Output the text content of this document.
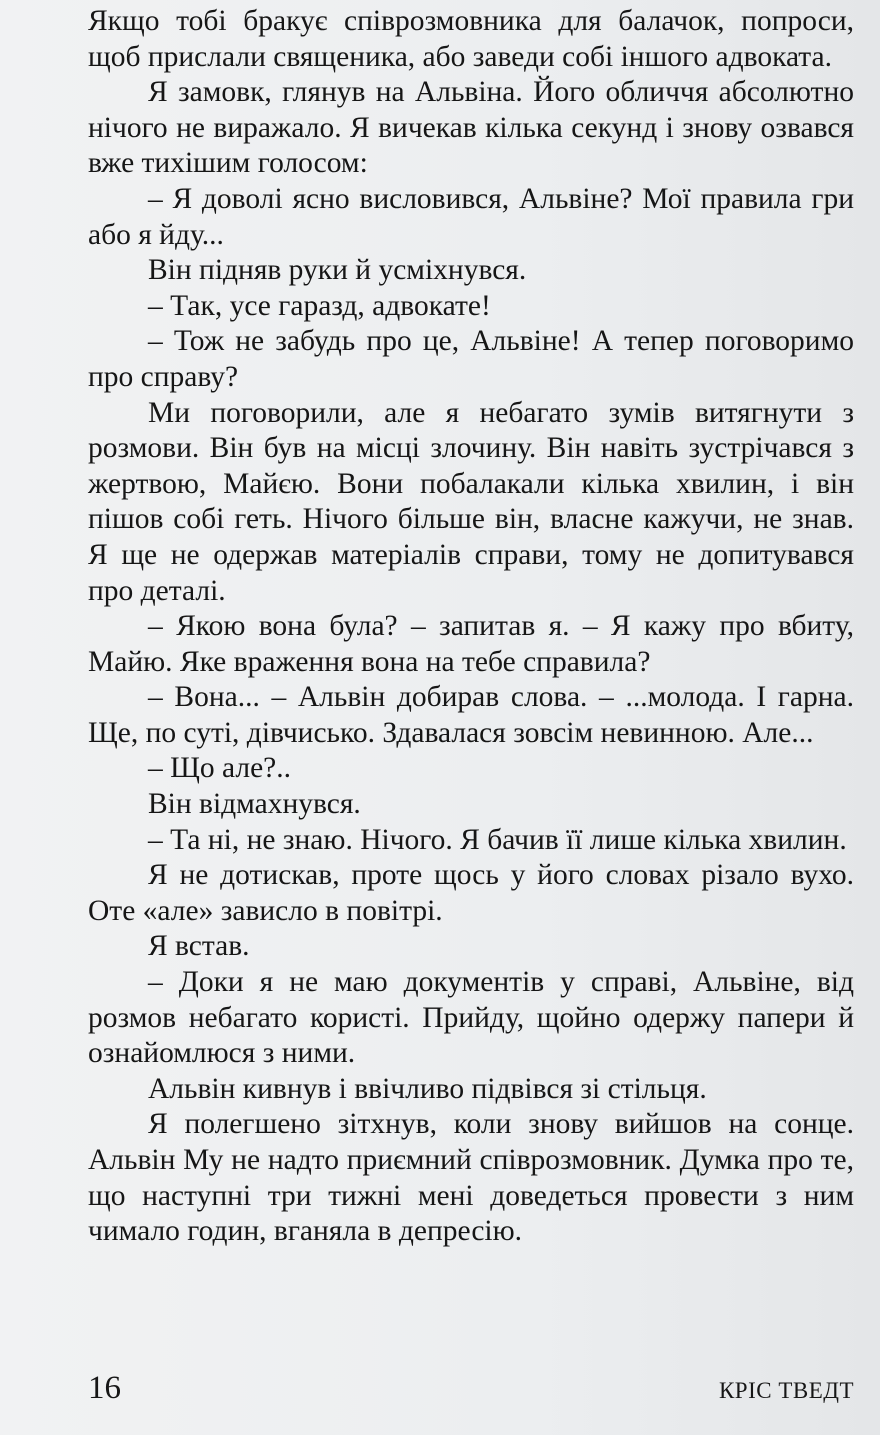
Якщо тобі бракує співрозмовника для балачок, попроси, щоб прислали священика, або заведи собі іншого адвоката.

Я замовк, глянув на Альвіна. Його обличчя абсолютно нічого не виражало. Я вичекав кілька секунд і знову озвався вже тихішим голосом:

– Я доволі ясно висловився, Альвіне? Мої правила гри або я йду...

Він підняв руки й усміхнувся.

– Так, усе гаразд, адвокате!

– Тож не забудь про це, Альвіне! А тепер поговоримо про справу?

Ми поговорили, але я небагато зумів витягнути з розмови. Він був на місці злочину. Він навіть зустрічався з жертвою, Майєю. Вони побалакали кілька хвилин, і він пішов собі геть. Нічого більше він, власне кажучи, не знав. Я ще не одержав матеріалів справи, тому не допитувався про деталі.

– Якою вона була? – запитав я. – Я кажу про вбиту, Майю. Яке враження вона на тебе справила?

– Вона... – Альвін добирав слова. – ...молода. І гарна. Ще, по суті, дівчисько. Здавалася зовсім невинною. Але...

– Що але?..

Він відмахнувся.

– Та ні, не знаю. Нічого. Я бачив її лише кілька хвилин.

Я не дотискав, проте щось у його словах різало вухо. Оте «але» зависло в повітрі.

Я встав.

– Доки я не маю документів у справі, Альвіне, від розмов небагато користі. Прийду, щойно одержу папери й ознайомлюся з ними.

Альвін кивнув і ввічливо підвівся зі стільця.

Я полегшено зітхнув, коли знову вийшов на сонце. Альвін Му не надто приємний співрозмовник. Думка про те, що наступні три тижні мені доведеться провести з ним чимало годин, вганяла в депресію.

16	КРІС ТВЕДТ
